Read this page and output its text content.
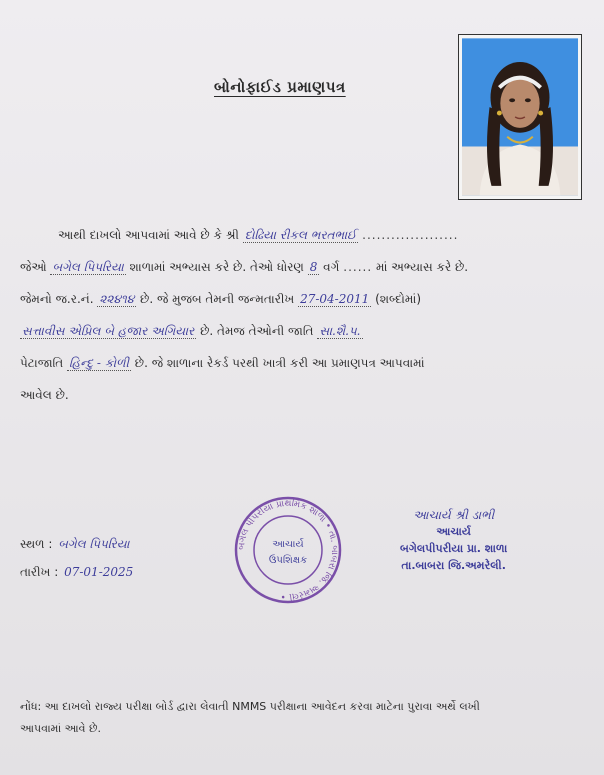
બોનોફાઈડ પ્રમાણપત્ર
આથી દાખલો આપવામાં આવે છે કે શ્રી દોઢિયા રીકલ ભરતભાઈ ....................
જેઓ બગેલ પિપરિયા શાળામાં અભ્યાસ કરે છે. તેઓ ધોરણ 8 વર્ગ ...... માં અભ્યાસ કરે છે.
જેમનો જ.ર.નં. ૨૨૪૧૪ છે. જે મુજબ તેમની જન્મતારીખ 27-04-2011 (શબ્દોમાં)
સત્તાવીસ એપ્રિલ બે હજાર અગિયાર છે. તેમજ તેઓની જાતિ સા.શૈ.પ.
પેટાજાતિ હિન્દુ - કોળી છે. જે શાળાના રેકર્ડ પરથી ખાત્રી કરી આ પ્રમાણપત્ર આપવામાં
આવેલ છે.
સ્થળ : બગેલ પિપરિયા
તારીખ : 07-01-2025
બગેલ પીપરીયા પ્રાથમિક શાળા • તા. બાબરા જિ. અમરેલી •
આચાર્ય
ઉપશિક્ષક
આચાર્ય શ્રી ડાભી
આચાર્ય
બગેલપીપરીયા પ્રા. શાળા
તા.બાબરા જિ.અમરેલી.
નોંધ: આ દાખલો રાજ્ય પરીક્ષા બોર્ડ દ્વારા લેવાતી NMMS પરીક્ષાના આવેદન કરવા માટેના પુરાવા અર્થે લખી
આપવામાં આવે છે.
